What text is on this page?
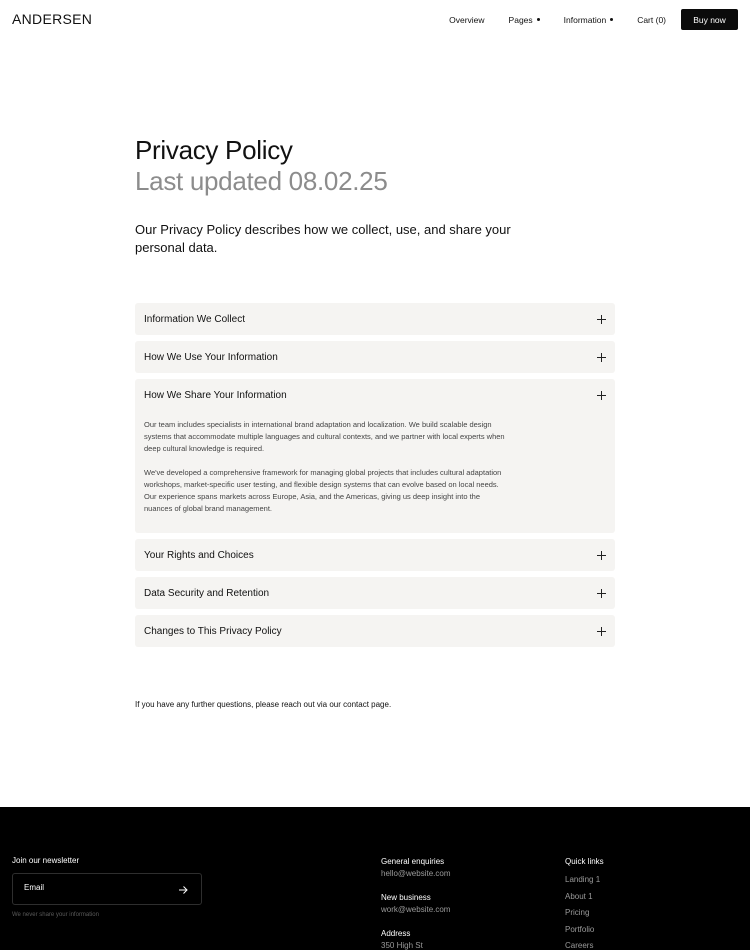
ANDERSEN	Overview	Pages	Information	Cart (0)	Buy now
Privacy Policy
Last updated 08.02.25

Our Privacy Policy describes how we collect, use, and share your personal data.

Information We Collect
How We Use Your Information
How We Share Your Information

Our team includes specialists in international brand adaptation and localization. We build scalable design systems that accommodate multiple languages and cultural contexts, and we partner with local experts when deep cultural knowledge is required.

We've developed a comprehensive framework for managing global projects that includes cultural adaptation workshops, market-specific user testing, and flexible design systems that can evolve based on local needs. Our experience spans markets across Europe, Asia, and the Americas, giving us deep insight into the nuances of global brand management.

Your Rights and Choices
Data Security and Retention
Changes to This Privacy Policy

If you have any further questions, please reach out via our contact page.

Join our newsletter
Email
We never share your information
General enquiries
hello@website.com
New business
work@website.com
Address
350 High St
Quick links
Landing 1
About 1
Pricing
Portfolio
Careers
